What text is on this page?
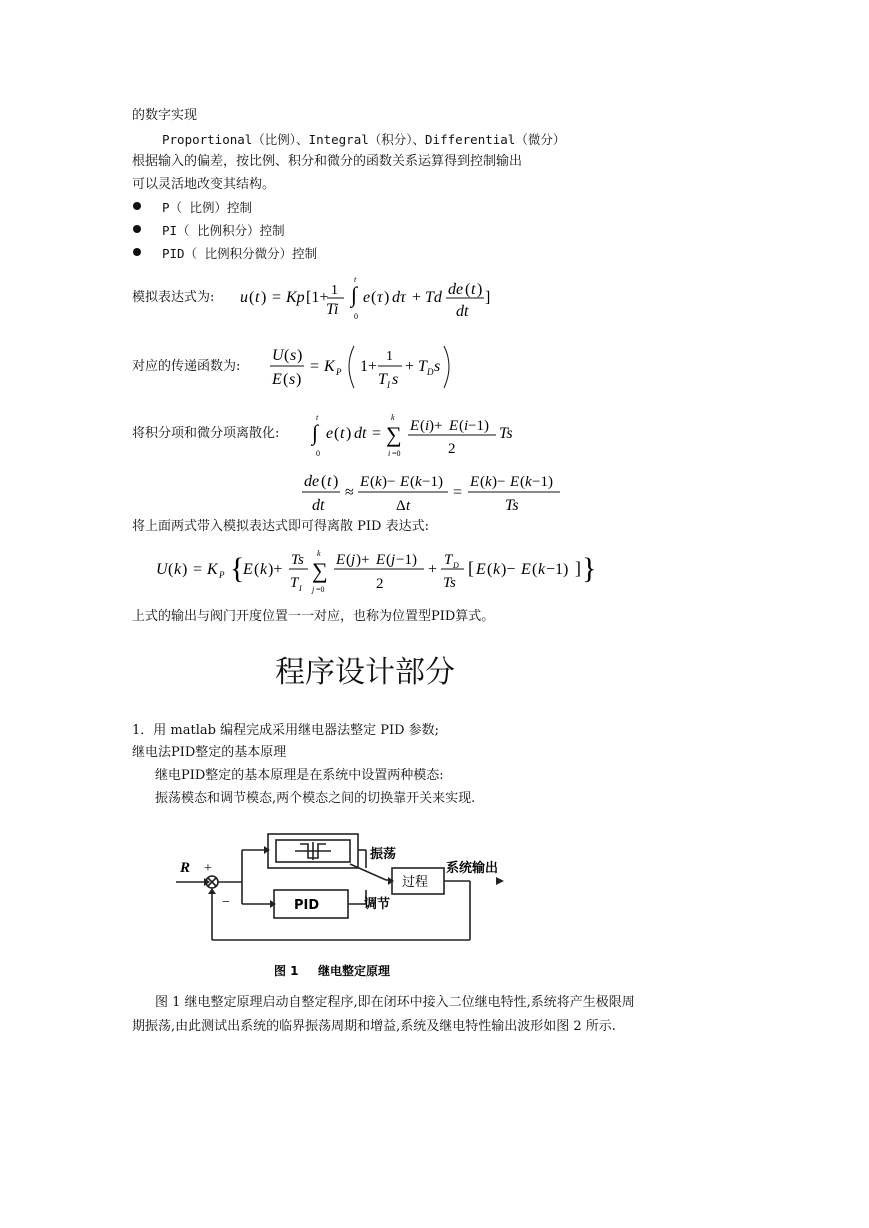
的数字实现
Proportional（比例）、Integral（积分）、Differential（微分）
根据输入的偏差，按比例、积分和微分的函数关系运算得到控制输出
可以灵活地改变其结构。
P（ 比例）控制
PI（ 比例积分）控制
PID（ 比例积分微分）控制
模拟表达式为: u ( t ) = Kp [1+ 1
Ti
∫
t
0
e ( τ ) dτ + Td de ( t )
dt
]
对应的传递函数为:
U ( s )
E ( s )
= K P 1+
1
T I s
+ T D s
将积分项和微分项离散化: ∫
t
0
e ( t ) dt = ∑
k
i =0
E ( i )+ E ( i −1)
2
Ts
de ( t )
dt
≈
E ( k )− E ( k −1)
Δ t
=
E ( k )− E ( k −1)
Ts
将上面两式带入模拟表达式即可得离散 PID 表达式:
U ( k ) = K P {
E ( k )+
Ts
T I
∑
k
j =0
E ( j )+ E ( j −1)
2
+
T D
Ts
[ E ( k )− E ( k −1) ] }
上式的输出与阀门开度位置一一对应，也称为位置型PID算式。
程序设计部分
1．用 matlab 编程完成采用继电器法整定 PID 参数;
继电法PID整定的基本原理
继电PID整定的基本原理是在系统中设置两种模态:
振荡模态和调节模态,两个模态之间的切换靠开关来实现.
R +
−
振荡
调节
过程
PID
系统输出
图 1 继电整定原理
图 1 继电整定原理启动自整定程序,即在闭环中接入二位继电特性,系统将产生极限周
期振荡,由此测试出系统的临界振荡周期和增益,系统及继电特性输出波形如图 2 所示.
